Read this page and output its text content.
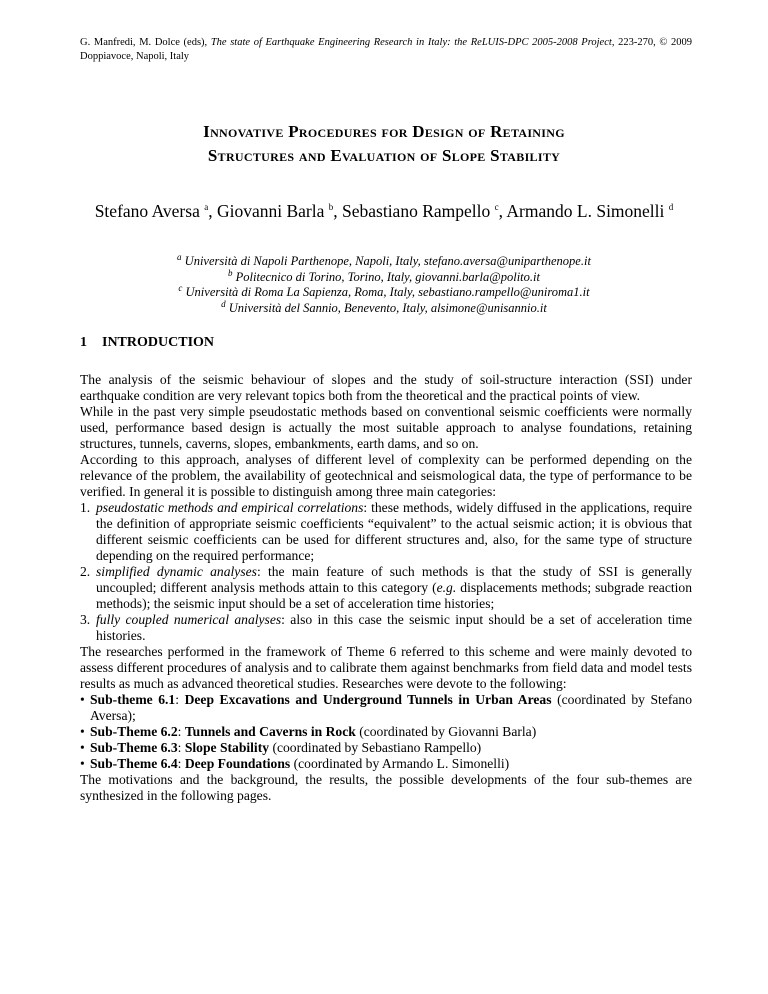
G. Manfredi, M. Dolce (eds), The state of Earthquake Engineering Research in Italy: the ReLUIS-DPC 2005-2008 Project, 223-270, © 2009 Doppiavoce, Napoli, Italy
Innovative Procedures for Design of Retaining
Structures and Evaluation of Slope Stability
Stefano Aversa $^a$, Giovanni Barla $^b$, Sebastiano Rampello $^c$, Armando L. Simonelli $^d$
$^a$ Università di Napoli Parthenope, Napoli, Italy, stefano.aversa@uniparthenope.it
$^b$ Politecnico di Torino, Torino, Italy, giovanni.barla@polito.it
$^c$ Università di Roma La Sapienza, Roma, Italy, sebastiano.rampello@uniroma1.it
$^d$ Università del Sannio, Benevento, Italy, alsimone@unisannio.it
1 INTRODUCTION

The analysis of the seismic behaviour of slopes and the study of soil-structure interaction (SSI) under earthquake condition are very relevant topics both from the theoretical and the practical points of view.

While in the past very simple pseudostatic methods based on conventional seismic coefficients were normally used, performance based design is actually the most suitable approach to analyse foundations, retaining structures, tunnels, caverns, slopes, embankments, earth dams, and so on.

According to this approach, analyses of different level of complexity can be performed depending on the relevance of the problem, the availability of geotechnical and seismological data, the type of performance to be verified. In general it is possible to distinguish among three main categories:

1. pseudostatic methods and empirical correlations: these methods, widely diffused in the applications, require the definition of appropriate seismic coefficients “equivalent” to the actual seismic action; it is obvious that different seismic coefficients can be used for different structures and, also, for the same type of structure depending on the required performance;
2. simplified dynamic analyses: the main feature of such methods is that the study of SSI is generally uncoupled; different analysis methods attain to this category (e.g. displacements methods; subgrade reaction methods); the seismic input should be a set of acceleration time histories;
3. fully coupled numerical analyses: also in this case the seismic input should be a set of acceleration time histories.

The researches performed in the framework of Theme 6 referred to this scheme and were mainly devoted to assess different procedures of analysis and to calibrate them against benchmarks from field data and model tests results as much as advanced theoretical studies. Researches were devote to the following:

• Sub-theme 6.1: Deep Excavations and Underground Tunnels in Urban Areas (coordinated by Stefano Aversa);
• Sub-Theme 6.2: Tunnels and Caverns in Rock (coordinated by Giovanni Barla)
• Sub-Theme 6.3: Slope Stability (coordinated by Sebastiano Rampello)
• Sub-Theme 6.4: Deep Foundations (coordinated by Armando L. Simonelli)

The motivations and the background, the results, the possible developments of the four sub-themes are synthesized in the following pages.
